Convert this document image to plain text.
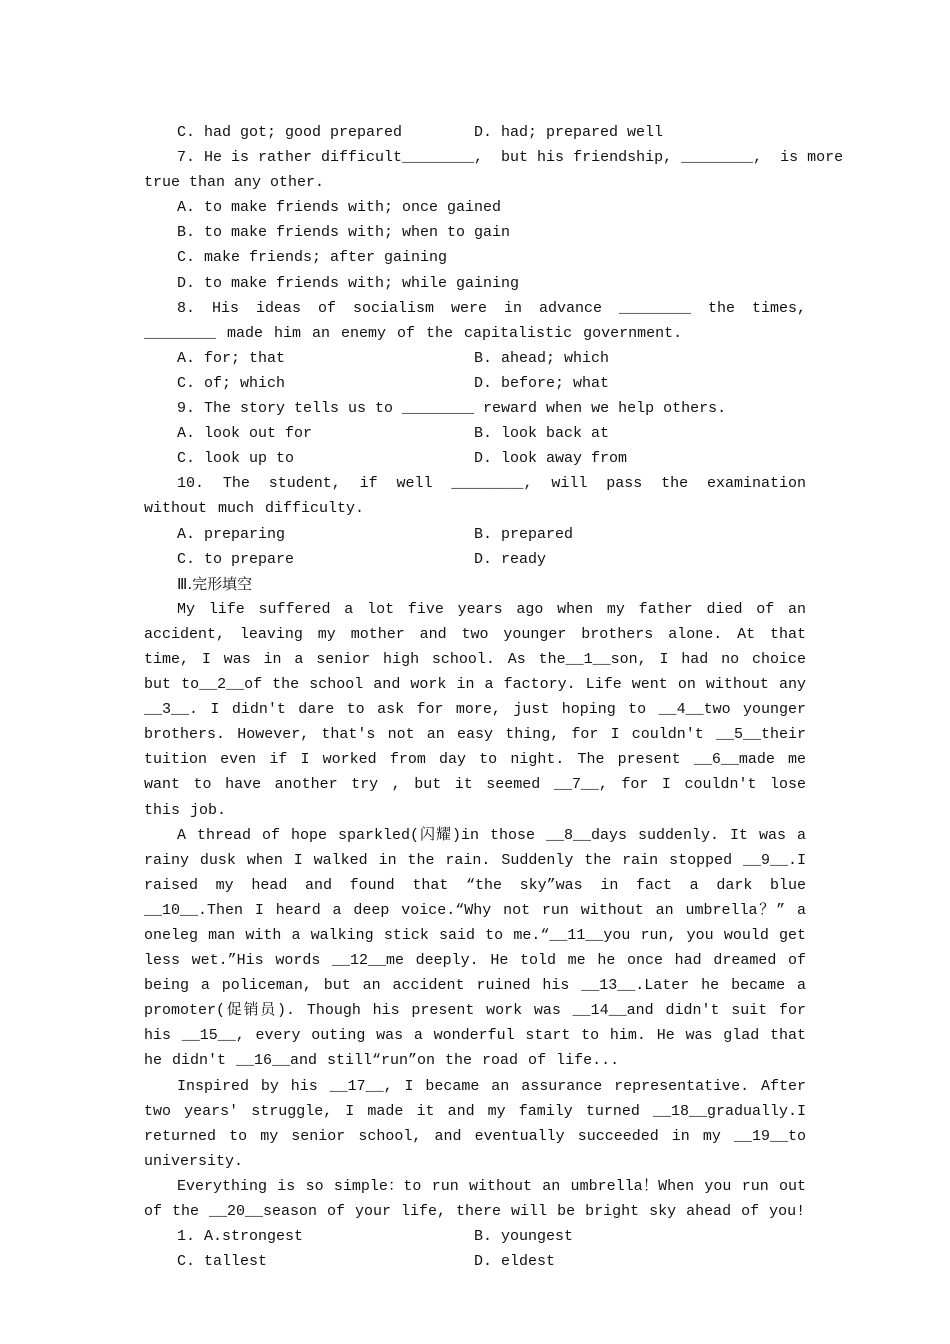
C. had got; good prepared	D. had; prepared well
7. He is rather difficult________,  but his friendship, ________,  is more
true than any other.
A. to make friends with; once gained
B. to make friends with; when to gain
C. make friends; after gaining
D. to make friends with; while gaining
8. His ideas of socialism were in advance ________ the times, ________ made him an enemy of the capitalistic government.
A. for; that	B. ahead; which
C. of; which	D. before; what
9. The story tells us to ________ reward when we help others.
A. look out for	B. look back at
C. look up to	D. look away from
10. The student, if well ________, will pass the examination without much difficulty.
A. preparing	B. prepared
C. to prepare	D. ready
Ⅲ.完形填空
My life suffered a lot five years ago when my father died of an accident, leaving my mother and two younger brothers alone. At that time, I was in a senior high school. As the__1__son, I had no choice but to__2__of the school and work in a factory. Life went on without any __3__. I didn't dare to ask for more, just hoping to __4__two younger brothers. However, that's not an easy thing, for I couldn't __5__their tuition even if I worked from day to night. The present __6__made me want to have another try , but it seemed __7__, for I couldn't lose this job.
A thread of hope sparkled(闪耀)in those __8__days suddenly. It was a rainy dusk when I walked in the rain. Suddenly the rain stopped __9__.I raised my head and found that “the sky”was in fact a dark blue __10__.Then I heard a deep voice.“Why not run without an umbrella？” a oneleg man with a walking stick said to me.“__11__you run, you would get less wet.”His words __12__me deeply. He told me he once had dreamed of being a policeman, but an accident ruined his __13__.Later he became a promoter(促销员). Though his present work was __14__and didn't suit for his __15__, every outing was a wonderful start to him. He was glad that he didn't __16__and still“run”on the road of life...
Inspired by his __17__, I became an assurance representative. After two years' struggle, I made it and my family turned __18__gradually.I returned to my senior school, and eventually succeeded in my __19__to university.
Everything is so simple：to run without an umbrella！When you run out of the __20__season of your life, there will be bright sky ahead of you!
1. A.strongest	B. youngest
C. tallest	D. eldest
